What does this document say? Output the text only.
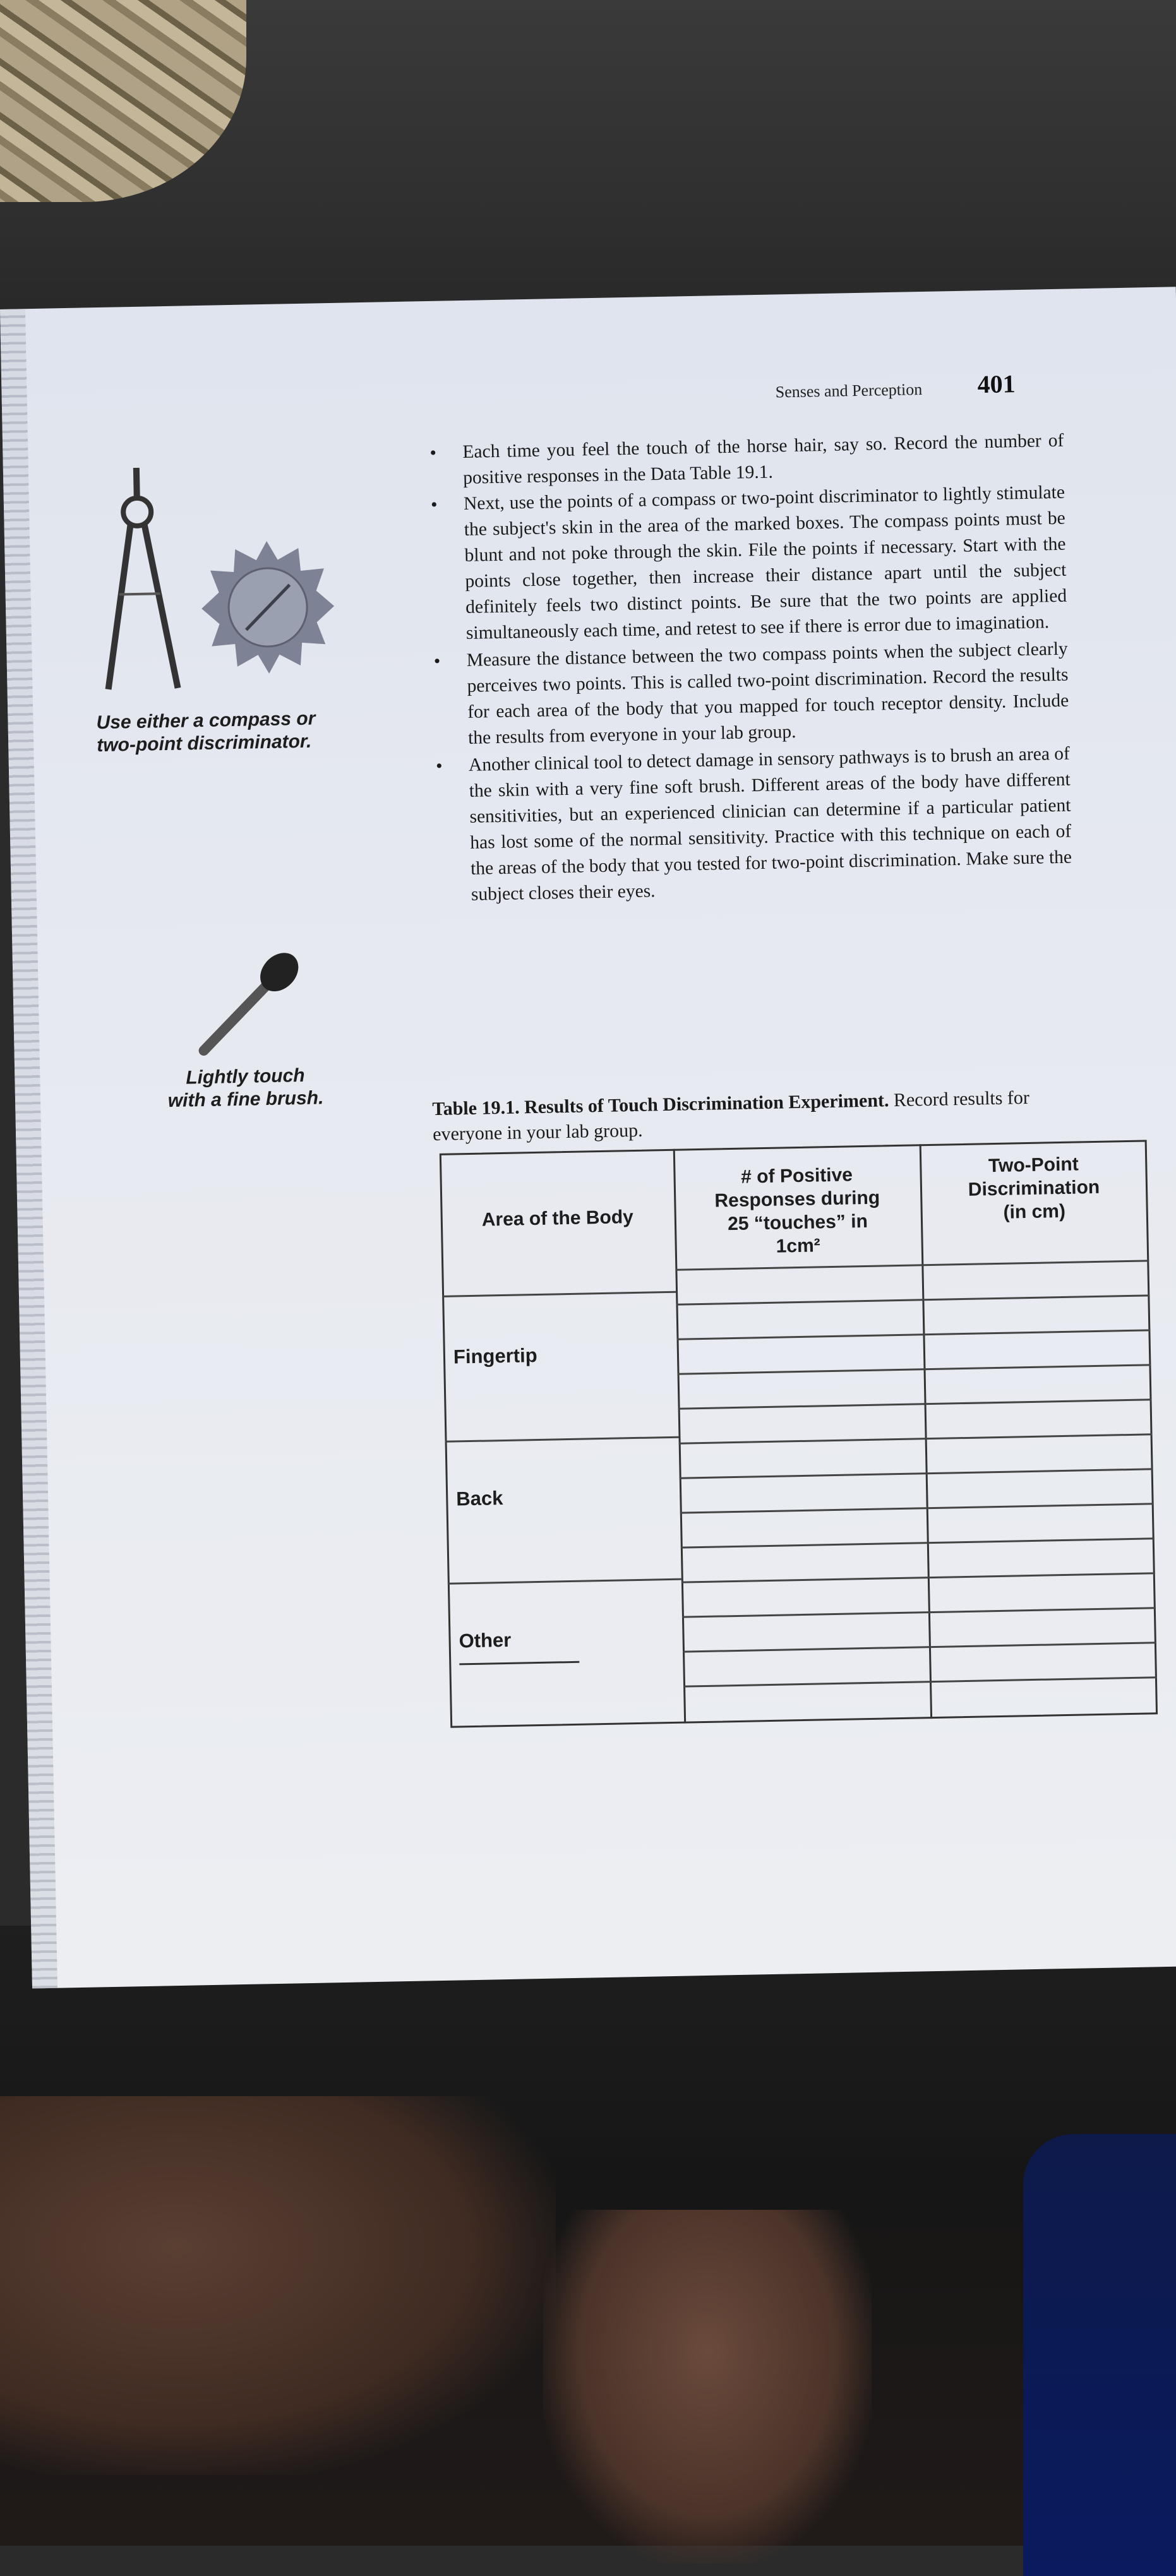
Senses and Perception 401
Use either a compass or
two-point discriminator.
Lightly touch
with a fine brush.
• Each time you feel the touch of the horse hair, say so. Record the number of positive responses in the Data Table 19.1.
• Next, use the points of a compass or two-point discriminator to lightly stimulate the subject's skin in the area of the marked boxes. The compass points must be blunt and not poke through the skin. File the points if necessary. Start with the points close together, then increase their distance apart until the subject definitely feels two distinct points. Be sure that the two points are applied simultaneously each time, and retest to see if there is error due to imagination.
• Measure the distance between the two compass points when the subject clearly perceives two points. This is called two-point discrimination. Record the results for each area of the body that you mapped for touch receptor density. Include the results from everyone in your lab group.
• Another clinical tool to detect damage in sensory pathways is to brush an area of the skin with a very fine soft brush. Different areas of the body have different sensitivities, but an experienced clinician can determine if a particular patient has lost some of the normal sensitivity. Practice with this technique on each of the areas of the body that you tested for two-point discrimination. Make sure the subject closes their eyes.
Table 19.1. Results of Touch Discrimination Experiment. Record results for everyone in your lab group.
Area of the Body
# of Positive
Responses during
25 “touches” in
1cm²
Two-Point
Discrimination
(in cm)
Fingertip
Back
Other
